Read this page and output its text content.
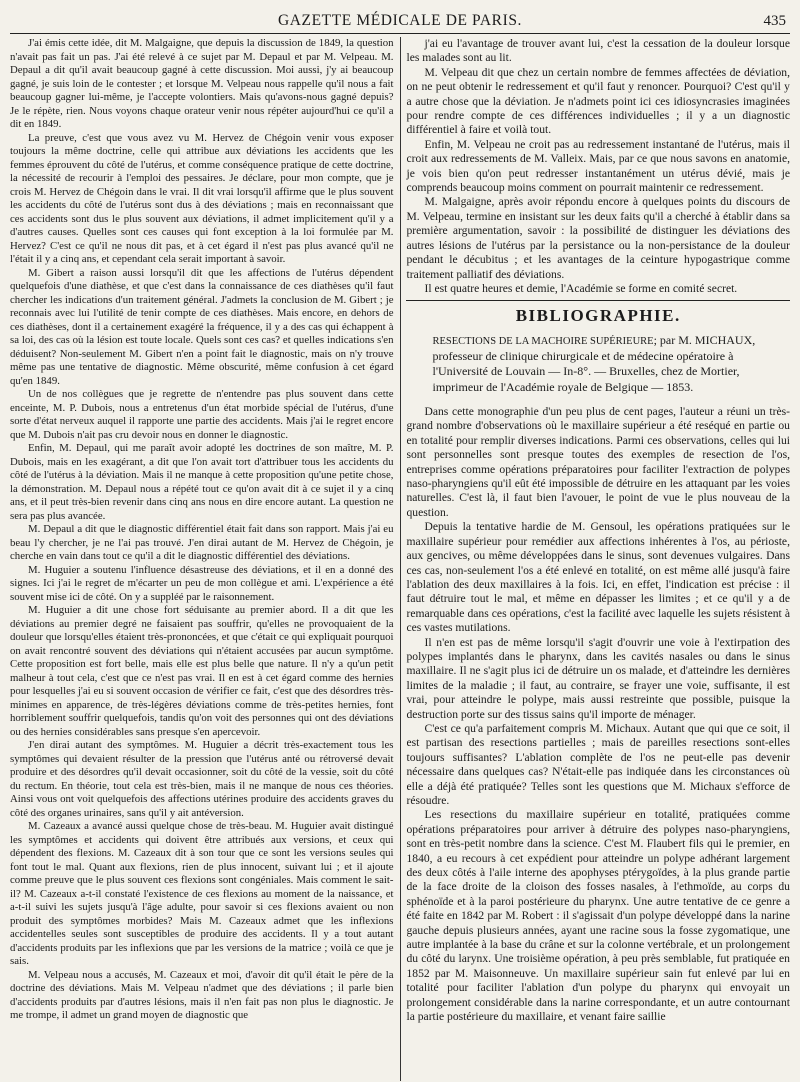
GAZETTE MÉDICALE DE PARIS.	435

J'ai émis cette idée, dit M. Malgaigne, que depuis la discussion de 1849, la question n'avait pas fait un pas. J'ai été relevé à ce sujet par M. Depaul et par M. Velpeau. M. Depaul a dit qu'il avait beaucoup gagné à cette discussion. Moi aussi, j'y ai beaucoup gagné, je suis loin de le contester ; et lorsque M. Velpeau nous rappelle qu'il nous a fait beaucoup gagner lui-même, je l'accepte volontiers. Mais qu'avons-nous gagné depuis? Je le répète, rien. Nous voyons chaque orateur venir nous répéter aujourd'hui ce qu'il a dit en 1849.

La preuve, c'est que vous avez vu M. Hervez de Chégoin venir vous exposer toujours la même doctrine, celle qui attribue aux déviations les accidents que les femmes éprouvent du côté de l'utérus, et comme conséquence pratique de cette doctrine, la nécessité de recourir à l'emploi des pessaires. Je déclare, pour mon compte, que je crois M. Hervez de Chégoin dans le vrai. Il dit vrai lorsqu'il affirme que le plus souvent les accidents du côté de l'utérus sont dus à des déviations ; mais en reconnaissant que ces accidents sont dus le plus souvent aux déviations, il admet implicitement qu'il y a d'autres causes. Quelles sont ces causes qui font exception à la loi formulée par M. Hervez? C'est ce qu'il ne nous dit pas, et à cet égard il n'est pas plus avancé qu'il ne l'était il y a cinq ans, et cependant cela serait important à savoir.

M. Gibert a raison aussi lorsqu'il dit que les affections de l'utérus dépendent quelquefois d'une diathèse, et que c'est dans la connaissance de ces diathèses qu'il faut chercher les indications d'un traitement général. J'admets la conclusion de M. Gibert ; je reconnais avec lui l'utilité de tenir compte de ces diathèses. Mais encore, en dehors de ces diathèses, dont il a certainement exagéré la fréquence, il y a des cas qui échappent à sa loi, des cas où la lésion est toute locale. Quels sont ces cas? et quelles indications s'en déduisent? Non-seulement M. Gibert n'en a point fait le diagnostic, mais on n'y trouve même pas une tentative de diagnostic. Même obscurité, même confusion à cet égard qu'en 1849.

Un de nos collègues que je regrette de n'entendre pas plus souvent dans cette enceinte, M. P. Dubois, nous a entretenus d'un état morbide spécial de l'utérus, d'une sorte d'état nerveux auquel il rapporte une partie des accidents. Mais j'ai le regret encore que M. Dubois n'ait pas cru devoir nous en donner le diagnostic.

Enfin, M. Depaul, qui me paraît avoir adopté les doctrines de son maître, M. P. Dubois, mais en les exagérant, a dit que l'on avait tort d'attribuer tous les accidents du côté de l'utérus à la déviation. Mais il ne manque à cette proposition qu'une petite chose, la démonstration. M. Depaul nous a répété tout ce qu'on avait dit à ce sujet il y a cinq ans, et il peut très-bien revenir dans cinq ans nous en dire encore autant. La question ne sera pas plus avancée.

M. Depaul a dit que le diagnostic différentiel était fait dans son rapport. Mais j'ai eu beau l'y chercher, je ne l'ai pas trouvé. J'en dirai autant de M. Hervez de Chégoin, je cherche en vain dans tout ce qu'il a dit le diagnostic différentiel des déviations.

M. Huguier a soutenu l'influence désastreuse des déviations, et il en a donné des signes. Ici j'ai le regret de m'écarter un peu de mon collègue et ami. L'expérience a été souvent mise ici de côté. On y a suppléé par le raisonnement.

M. Huguier a dit une chose fort séduisante au premier abord. Il a dit que les déviations au premier degré ne faisaient pas souffrir, qu'elles ne provoquaient de la douleur que lorsqu'elles étaient très-prononcées, et que c'était ce qui expliquait pourquoi on avait rencontré souvent des déviations qui n'étaient accusées par aucun symptôme. Cette proposition est fort belle, mais elle est plus belle que nature. Il n'y a qu'un petit malheur à tout cela, c'est que ce n'est pas vrai. Il en est à cet égard comme des hernies pour lesquelles j'ai eu si souvent occasion de vérifier ce fait, c'est que des désordres très-minimes en apparence, de très-légères déviations comme de très-petites hernies, font horriblement souffrir quelquefois, tandis qu'on voit des personnes qui ont des déviations ou des hernies considérables sans presque s'en apercevoir.

J'en dirai autant des symptômes. M. Huguier a décrit très-exactement tous les symptômes qui devaient résulter de la pression que l'utérus anté ou rétroversé devait produire et des désordres qu'il devait occasionner, soit du côté de la vessie, soit du côté du rectum. En théorie, tout cela est très-bien, mais il ne manque de nous ces théories. Ainsi vous ont voit quelquefois des affections utérines produire des accidents graves du côté des organes urinaires, sans qu'il y ait antéversion.

M. Cazeaux a avancé aussi quelque chose de très-beau. M. Huguier avait distingué les symptômes et accidents qui doivent être attribués aux versions, et ceux qui dépendent des flexions. M. Cazeaux dit à son tour que ce sont les versions seules qui font tout le mal. Quant aux flexions, rien de plus innocent, suivant lui ; et il ajoute comme preuve que le plus souvent ces flexions sont congéniales. Mais comment le sait-il? M. Cazeaux a-t-il constaté l'existence de ces flexions au moment de la naissance, et a-t-il suivi les sujets jusqu'à l'âge adulte, pour savoir si ces flexions avaient ou non produit des symptômes morbides? Mais M. Cazeaux admet que les inflexions accidentelles seules sont susceptibles de produire des accidents. Il y a tout autant d'accidents produits par les inflexions que par les versions de la matrice ; voilà ce que je sais.

M. Velpeau nous a accusés, M. Cazeaux et moi, d'avoir dit qu'il était le père de la doctrine des déviations. Mais M. Velpeau n'admet que des déviations ; il parle bien d'accidents produits par d'autres lésions, mais il n'en fait pas non plus le diagnostic. Je me trompe, il admet un grand moyen de diagnostic que

j'ai eu l'avantage de trouver avant lui, c'est la cessation de la douleur lorsque les malades sont au lit.

M. Velpeau dit que chez un certain nombre de femmes affectées de déviation, on ne peut obtenir le redressement et qu'il faut y renoncer. Pourquoi? C'est qu'il y a autre chose que la déviation. Je n'admets point ici ces idiosyncrasies imaginées pour rendre compte de ces différences individuelles ; il y a un diagnostic différentiel à faire et voilà tout.

Enfin, M. Velpeau ne croit pas au redressement instantané de l'utérus, mais il croit aux redressements de M. Valleix. Mais, par ce que nous savons en anatomie, je vois bien qu'on peut redresser instantanément un utérus dévié, mais je comprends beaucoup moins comment on pourrait maintenir ce redressement.

M. Malgaigne, après avoir répondu encore à quelques points du discours de M. Velpeau, termine en insistant sur les deux faits qu'il a cherché à établir dans sa première argumentation, savoir : la possibilité de distinguer les déviations des autres lésions de l'utérus par la persistance ou la non-persistance de la douleur pendant le décubitus ; et les avantages de la ceinture hypogastrique comme traitement palliatif des déviations.

Il est quatre heures et demie, l'Académie se forme en comité secret.

BIBLIOGRAPHIE.

RESECTIONS DE LA MACHOIRE SUPÉRIEURE; par M. MICHAUX, professeur de clinique chirurgicale et de médecine opératoire à l'Université de Louvain — In-8°. — Bruxelles, chez de Mortier, imprimeur de l'Académie royale de Belgique — 1853.

Dans cette monographie d'un peu plus de cent pages, l'auteur a réuni un très-grand nombre d'observations où le maxillaire supérieur a été reséqué en partie ou en totalité pour remplir diverses indications. Parmi ces observations, celles qui lui sont personnelles sont presque toutes des exemples de resection de l'os, entreprises comme opérations préparatoires pour faciliter l'extraction de polypes naso-pharyngiens qu'il eût été impossible de détruire en les attaquant par les voies naturelles. C'est là, il faut bien l'avouer, le point de vue le plus nouveau de la question.

Depuis la tentative hardie de M. Gensoul, les opérations pratiquées sur le maxillaire supérieur pour remédier aux affections inhérentes à l'os, au périoste, aux gencives, ou même développées dans le sinus, sont devenues vulgaires. Dans ces cas, non-seulement l'os a été enlevé en totalité, on est même allé jusqu'à faire l'ablation des deux maxillaires à la fois. Ici, en effet, l'indication est précise : il faut détruire tout le mal, et même en dépasser les limites ; et ce qu'il y a de remarquable dans ces opérations, c'est la facilité avec laquelle les sujets résistent à ces vastes mutilations.

Il n'en est pas de même lorsqu'il s'agit d'ouvrir une voie à l'extirpation des polypes implantés dans le pharynx, dans les cavités nasales ou dans le sinus maxillaire. Il ne s'agit plus ici de détruire un os malade, et d'atteindre les dernières limites de la maladie ; il faut, au contraire, se frayer une voie, suffisante, il est vrai, pour atteindre le polype, mais aussi restreinte que possible, puisque la destruction porte sur des tissus sains qu'il importe de ménager.

C'est ce qu'a parfaitement compris M. Michaux. Autant que qui que ce soit, il est partisan des resections partielles ; mais de pareilles resections sont-elles toujours suffisantes? L'ablation complète de l'os ne peut-elle pas devenir nécessaire dans quelques cas? N'était-elle pas indiquée dans les circonstances où elle a déjà été pratiquée? Telles sont les questions que M. Michaux s'efforce de résoudre.

Les resections du maxillaire supérieur en totalité, pratiquées comme opérations préparatoires pour arriver à détruire des polypes naso-pharyngiens, sont en très-petit nombre dans la science. C'est M. Flaubert fils qui le premier, en 1840, a eu recours à cet expédient pour atteindre un polype adhérant largement des deux côtés à l'aile interne des apophyses ptérygoïdes, à la plus grande partie de la face droite de la cloison des fosses nasales, à l'ethmoïde, au corps du sphénoïde et à la paroi postérieure du pharynx. Une autre tentative de ce genre a été faite en 1842 par M. Robert : il s'agissait d'un polype développé dans la narine gauche depuis plusieurs années, ayant une racine sous la fosse zygomatique, une autre implantée à la base du crâne et sur la colonne vertébrale, et un prolongement du côté du larynx. Une troisième opération, à peu près semblable, fut pratiquée en 1852 par M. Maisonneuve. Un maxillaire supérieur sain fut enlevé par lui en totalité pour faciliter l'ablation d'un polype du pharynx qui envoyait un prolongement considérable dans la narine correspondante, et un autre contournant la partie postérieure du maxillaire, et venant faire saillie
